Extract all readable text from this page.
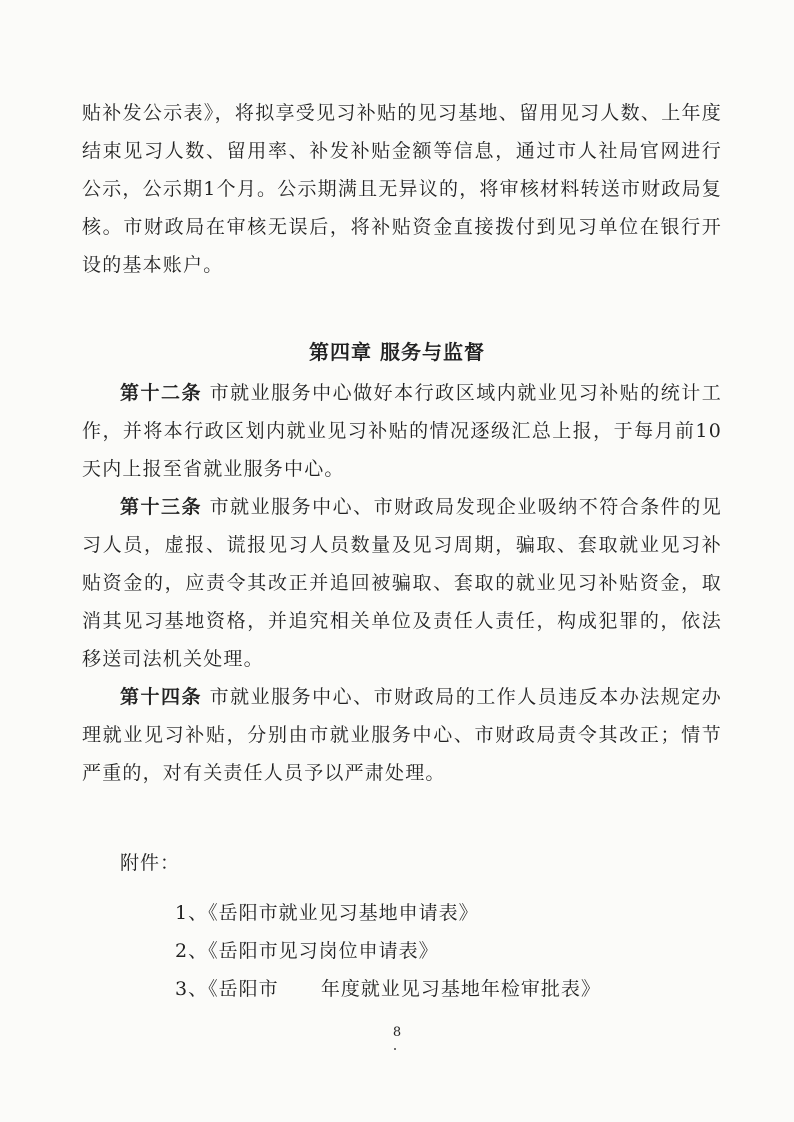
贴补发公示表》，将拟享受见习补贴的见习基地、留用见习人数、上年度结束见习人数、留用率、补发补贴金额等信息，通过市人社局官网进行公示，公示期1个月。公示期满且无异议的，将审核材料转送市财政局复核。市财政局在审核无误后，将补贴资金直接拨付到见习单位在银行开设的基本账户。
第四章 服务与监督
第十二条 市就业服务中心做好本行政区域内就业见习补贴的统计工作，并将本行政区划内就业见习补贴的情况逐级汇总上报，于每月前10天内上报至省就业服务中心。
第十三条 市就业服务中心、市财政局发现企业吸纳不符合条件的见习人员，虚报、谎报见习人员数量及见习周期，骗取、套取就业见习补贴资金的，应责令其改正并追回被骗取、套取的就业见习补贴资金，取消其见习基地资格，并追究相关单位及责任人责任，构成犯罪的，依法移送司法机关处理。
第十四条 市就业服务中心、市财政局的工作人员违反本办法规定办理就业见习补贴，分别由市就业服务中心、市财政局责令其改正；情节严重的，对有关责任人员予以严肃处理。
附件：
1、《岳阳市就业见习基地申请表》
2、《岳阳市见习岗位申请表》
3、《岳阳市      年度就业见习基地年检审批表》
8
